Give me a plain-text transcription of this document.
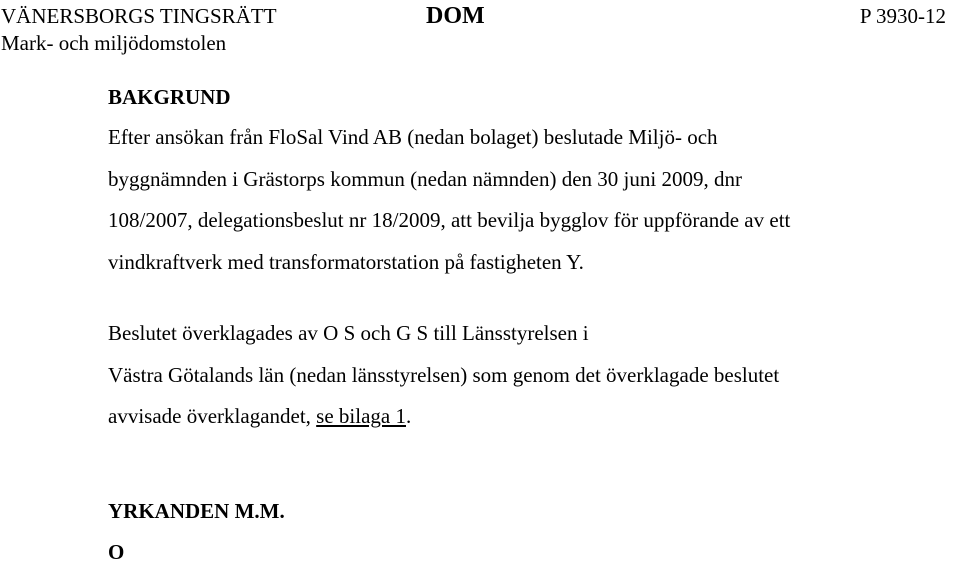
VÄNERSBORGS TINGSRÄTT
Mark- och miljödomstolen
DOM	P 3930-12
BAKGRUND
Efter ansökan från FloSal Vind AB (nedan bolaget) beslutade Miljö- och
byggnämnden i Grästorps kommun (nedan nämnden) den 30 juni 2009, dnr
108/2007, delegationsbeslut nr 18/2009, att bevilja bygglov för uppförande av ett
vindkraftverk med transformatorstation på fastigheten Y.
Beslutet överklagades av O S och G S till Länsstyrelsen i
Västra Götalands län (nedan länsstyrelsen) som genom det överklagade beslutet
avvisade överklagandet, se bilaga 1.
YRKANDEN M.M.
O
